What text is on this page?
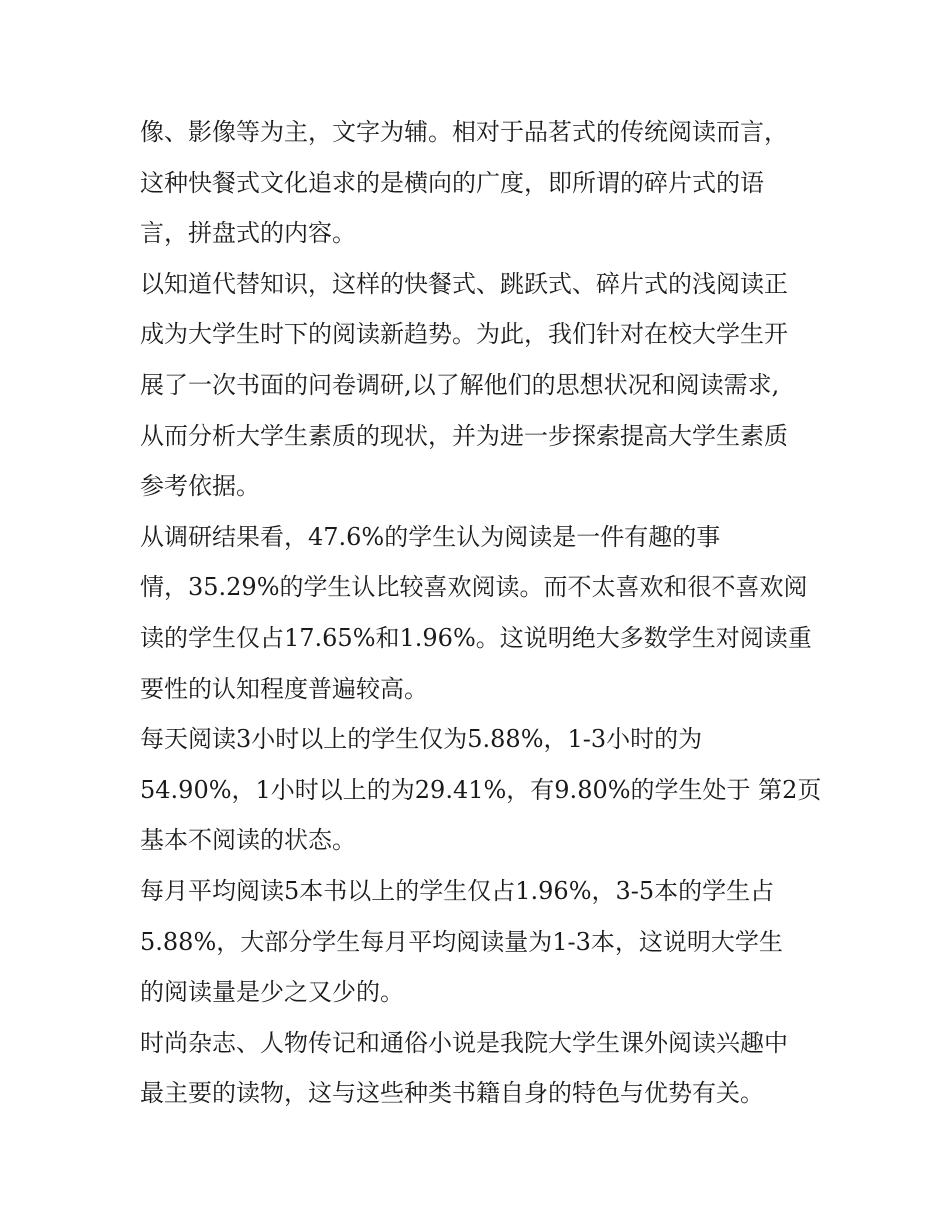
像、影像等为主，文字为辅。相对于品茗式的传统阅读而言，
这种快餐式文化追求的是横向的广度，即所谓的碎片式的语
言，拼盘式的内容。
以知道代替知识，这样的快餐式、跳跃式、碎片式的浅阅读正
成为大学生时下的阅读新趋势。为此，我们针对在校大学生开
展了一次书面的问卷调研,以了解他们的思想状况和阅读需求,
从而分析大学生素质的现状，并为进一步探索提高大学生素质
参考依据。
从调研结果看，47.6%的学生认为阅读是一件有趣的事
情，35.29%的学生认比较喜欢阅读。而不太喜欢和很不喜欢阅
读的学生仅占17.65%和1.96%。这说明绝大多数学生对阅读重
要性的认知程度普遍较高。
每天阅读3小时以上的学生仅为5.88%，1-3小时的为
54.90%，1小时以上的为29.41%，有9.80%的学生处于 第2页
基本不阅读的状态。
每月平均阅读5本书以上的学生仅占1.96%，3-5本的学生占
5.88%，大部分学生每月平均阅读量为1-3本，这说明大学生
的阅读量是少之又少的。
时尚杂志、人物传记和通俗小说是我院大学生课外阅读兴趣中
最主要的读物，这与这些种类书籍自身的特色与优势有关。
